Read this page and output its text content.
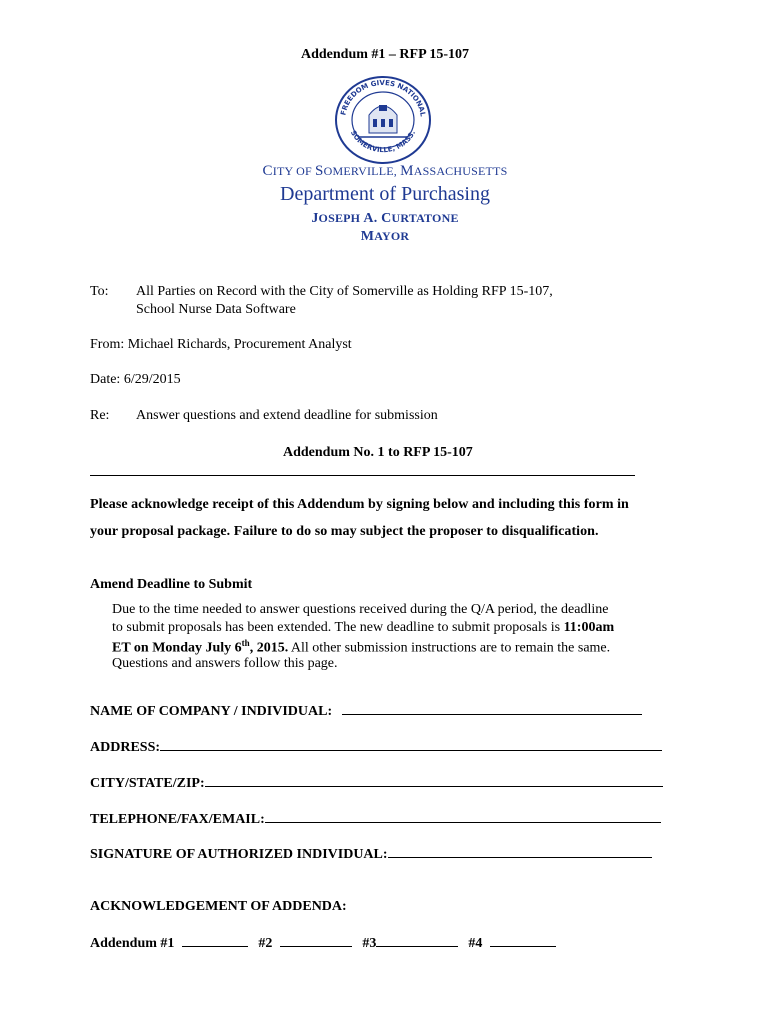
Addendum #1 – RFP 15-107
FREEDOM GIVES NATIONAL
SOMERVILLE, MASS.
CITY OF SOMERVILLE, MASSACHUSETTS
Department of Purchasing
JOSEPH A. CURTATONE
MAYOR
To: All Parties on Record with the City of Somerville as Holding RFP 15-107,
School Nurse Data Software
From: Michael Richards, Procurement Analyst
Date: 6/29/2015
Re: Answer questions and extend deadline for submission
Addendum No. 1 to RFP 15-107
Please acknowledge receipt of this Addendum by signing below and including this form in
your proposal package. Failure to do so may subject the proposer to disqualification.
Amend Deadline to Submit
Due to the time needed to answer questions received during the Q/A period, the deadline
to submit proposals has been extended. The new deadline to submit proposals is 11:00am
ET on Monday July 6th, 2015. All other submission instructions are to remain the same.
Questions and answers follow this page.
NAME OF COMPANY / INDIVIDUAL:
ADDRESS:
CITY/STATE/ZIP:
TELEPHONE/FAX/EMAIL:
SIGNATURE OF AUTHORIZED INDIVIDUAL:
ACKNOWLEDGEMENT OF ADDENDA:
Addendum #1	#2	#3	#4
